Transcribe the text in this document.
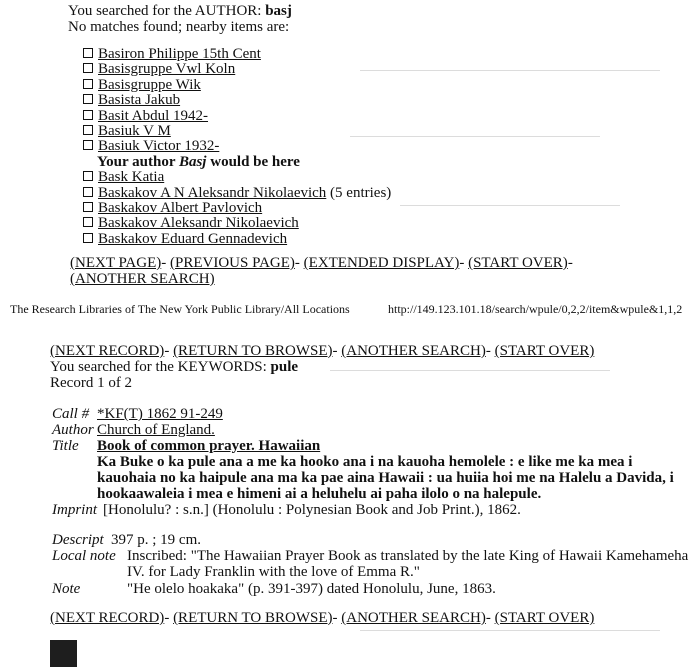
You searched for the AUTHOR: basj
No matches found; nearby items are:
Basiron Philippe 15th Cent
Basisgruppe Vwl Koln
Basisgruppe Wik
Basista Jakub
Basit Abdul 1942-
Basiuk V M
Basiuk Victor 1932-
Your author Basj would be here
Bask Katia
Baskakov A N Aleksandr Nikolaevich (5 entries)
Baskakov Albert Pavlovich
Baskakov Aleksandr Nikolaevich
Baskakov Eduard Gennadevich
(NEXT PAGE)- (PREVIOUS PAGE)- (EXTENDED DISPLAY)- (START OVER)-
(ANOTHER SEARCH)
The Research Libraries of The New York Public Library/All Locations	http://149.123.101.18/search/wpule/0,2,2/item&wpule&1,1,2
(NEXT RECORD)- (RETURN TO BROWSE)- (ANOTHER SEARCH)- (START OVER)
You searched for the KEYWORDS: pule
Record 1 of 2
Call # *KF(T) 1862 91-249
Author Church of England.
Title Book of common prayer. Hawaiian
Ka Buke o ka pule ana a me ka hooko ana i na kauoha hemolele : e like me ka mea i
kauohaia no ka haipule ana ma ka pae aina Hawaii : ua huiia hoi me na Halelu a Davida, i
hookaawaleia i mea e himeni ai a heluhelu ai paha ilolo o na halepule.
Imprint [Honolulu? : s.n.] (Honolulu : Polynesian Book and Job Print.), 1862.
Descript 397 p. ; 19 cm.
Local note Inscribed: "The Hawaiian Prayer Book as translated by the late King of Hawaii Kamehameha
IV. for Lady Franklin with the love of Emma R."
Note	"He olelo hoakaka" (p. 391-397) dated Honolulu, June, 1863.
(NEXT RECORD)- (RETURN TO BROWSE)- (ANOTHER SEARCH)- (START OVER)
